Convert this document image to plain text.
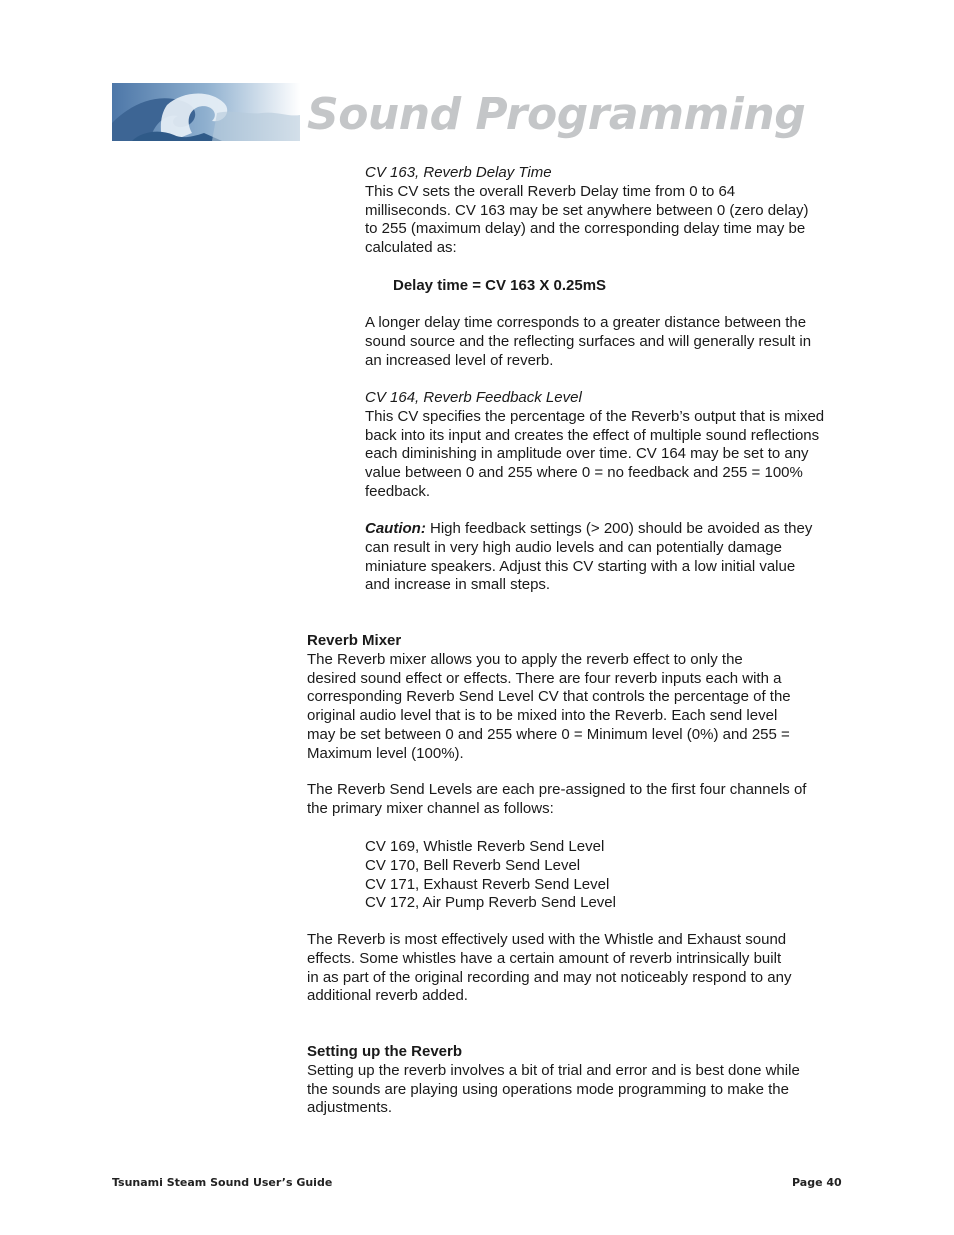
Sound Programming
CV 163, Reverb Delay Time
This CV sets the overall Reverb Delay time from 0 to 64
milliseconds. CV 163 may be set anywhere between 0 (zero delay)
to 255 (maximum delay) and the corresponding delay time may be
calculated as:
Delay time = CV 163 X 0.25mS
A longer delay time corresponds to a greater distance between the
sound source and the reflecting surfaces and will generally result in
an increased level of reverb.
CV 164, Reverb Feedback Level
This CV specifies the percentage of the Reverb’s output that is mixed
back into its input and creates the effect of multiple sound reflections
each diminishing in amplitude over time. CV 164 may be set to any
value between 0 and 255 where 0 = no feedback and 255 = 100%
feedback.
Caution: High feedback settings (> 200) should be avoided as they
can result in very high audio levels and can potentially damage
miniature speakers. Adjust this CV starting with a low initial value
and increase in small steps.
Reverb Mixer
The Reverb mixer allows you to apply the reverb effect to only the
desired sound effect or effects. There are four reverb inputs each with a
corresponding Reverb Send Level CV that controls the percentage of the
original audio level that is to be mixed into the Reverb. Each send level
may be set between 0 and 255 where 0 = Minimum level (0%) and 255 =
Maximum level (100%).
The Reverb Send Levels are each pre-assigned to the first four channels of
the primary mixer channel as follows:
CV 169, Whistle Reverb Send Level
CV 170, Bell Reverb Send Level
CV 171, Exhaust Reverb Send Level
CV 172, Air Pump Reverb Send Level
The Reverb is most effectively used with the Whistle and Exhaust sound
effects. Some whistles have a certain amount of reverb intrinsically built
in as part of the original recording and may not noticeably respond to any
additional reverb added.
Setting up the Reverb
Setting up the reverb involves a bit of trial and error and is best done while
the sounds are playing using operations mode programming to make the
adjustments.
Tsunami Steam Sound User’s Guide	Page 40
